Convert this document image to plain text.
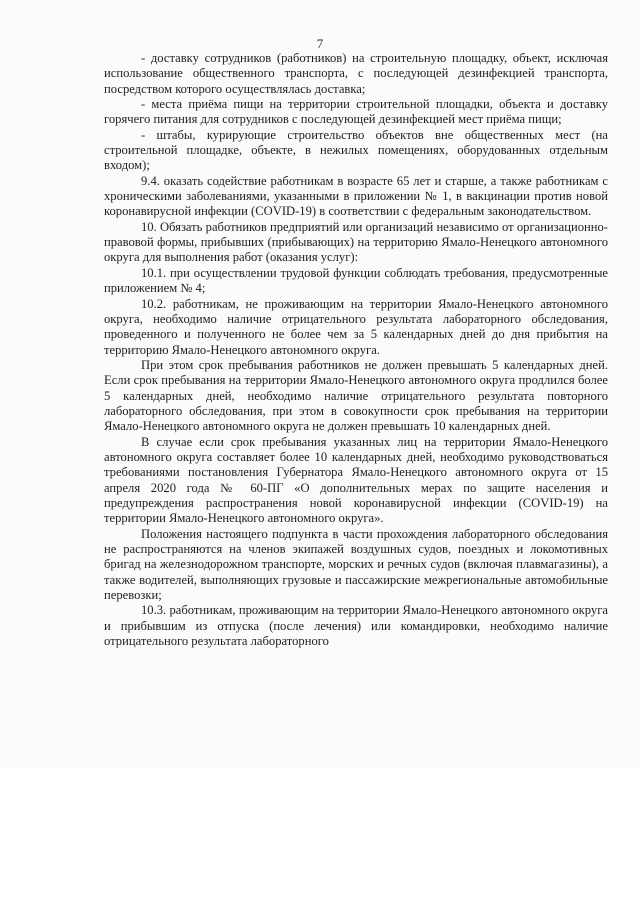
7

- доставку сотрудников (работников) на строительную площадку, объект, исключая использование общественного транспорта, с последующей дезинфекцией транспорта, посредством которого осуществлялась доставка;

- места приёма пищи на территории строительной площадки, объекта и доставку горячего питания для сотрудников с последующей дезинфекцией мест приёма пищи;

- штабы, курирующие строительство объектов вне общественных мест (на строительной площадке, объекте, в нежилых помещениях, оборудованных отдельным входом);

9.4. оказать содействие работникам в возрасте 65 лет и старше, а также работникам с хроническими заболеваниями, указанными в приложении № 1, в вакцинации против новой коронавирусной инфекции (COVID-19) в соответствии с федеральным законодательством.

10. Обязать работников предприятий или организаций независимо от организационно-правовой формы, прибывших (прибывающих) на территорию Ямало-Ненецкого автономного округа для выполнения работ (оказания услуг):

10.1. при осуществлении трудовой функции соблюдать требования, предусмотренные приложением № 4;

10.2. работникам, не проживающим на территории Ямало-Ненецкого автономного округа, необходимо наличие отрицательного результата лабораторного обследования, проведенного и полученного не более чем за 5 календарных дней до дня прибытия на территорию Ямало-Ненецкого автономного округа.

При этом срок пребывания работников не должен превышать 5 календарных дней. Если срок пребывания на территории Ямало-Ненецкого автономного округа продлился более 5 календарных дней, необходимо наличие отрицательного результата повторного лабораторного обследования, при этом в совокупности срок пребывания на территории Ямало-Ненецкого автономного округа не должен превышать 10 календарных дней.

В случае если срок пребывания указанных лиц на территории Ямало-Ненецкого автономного округа составляет более 10 календарных дней, необходимо руководствоваться требованиями постановления Губернатора Ямало-Ненецкого автономного округа от 15 апреля 2020 года № 60-ПГ «О дополнительных мерах по защите населения и предупреждения распространения новой коронавирусной инфекции (COVID-19) на территории Ямало-Ненецкого автономного округа».

Положения настоящего подпункта в части прохождения лабораторного обследования не распространяются на членов экипажей воздушных судов, поездных и локомотивных бригад на железнодорожном транспорте, морских и речных судов (включая плавмагазины), а также водителей, выполняющих грузовые и пассажирские межрегиональные автомобильные перевозки;

10.3. работникам, проживающим на территории Ямало-Ненецкого автономного округа и прибывшим из отпуска (после лечения) или командировки, необходимо наличие отрицательного результата лабораторного
